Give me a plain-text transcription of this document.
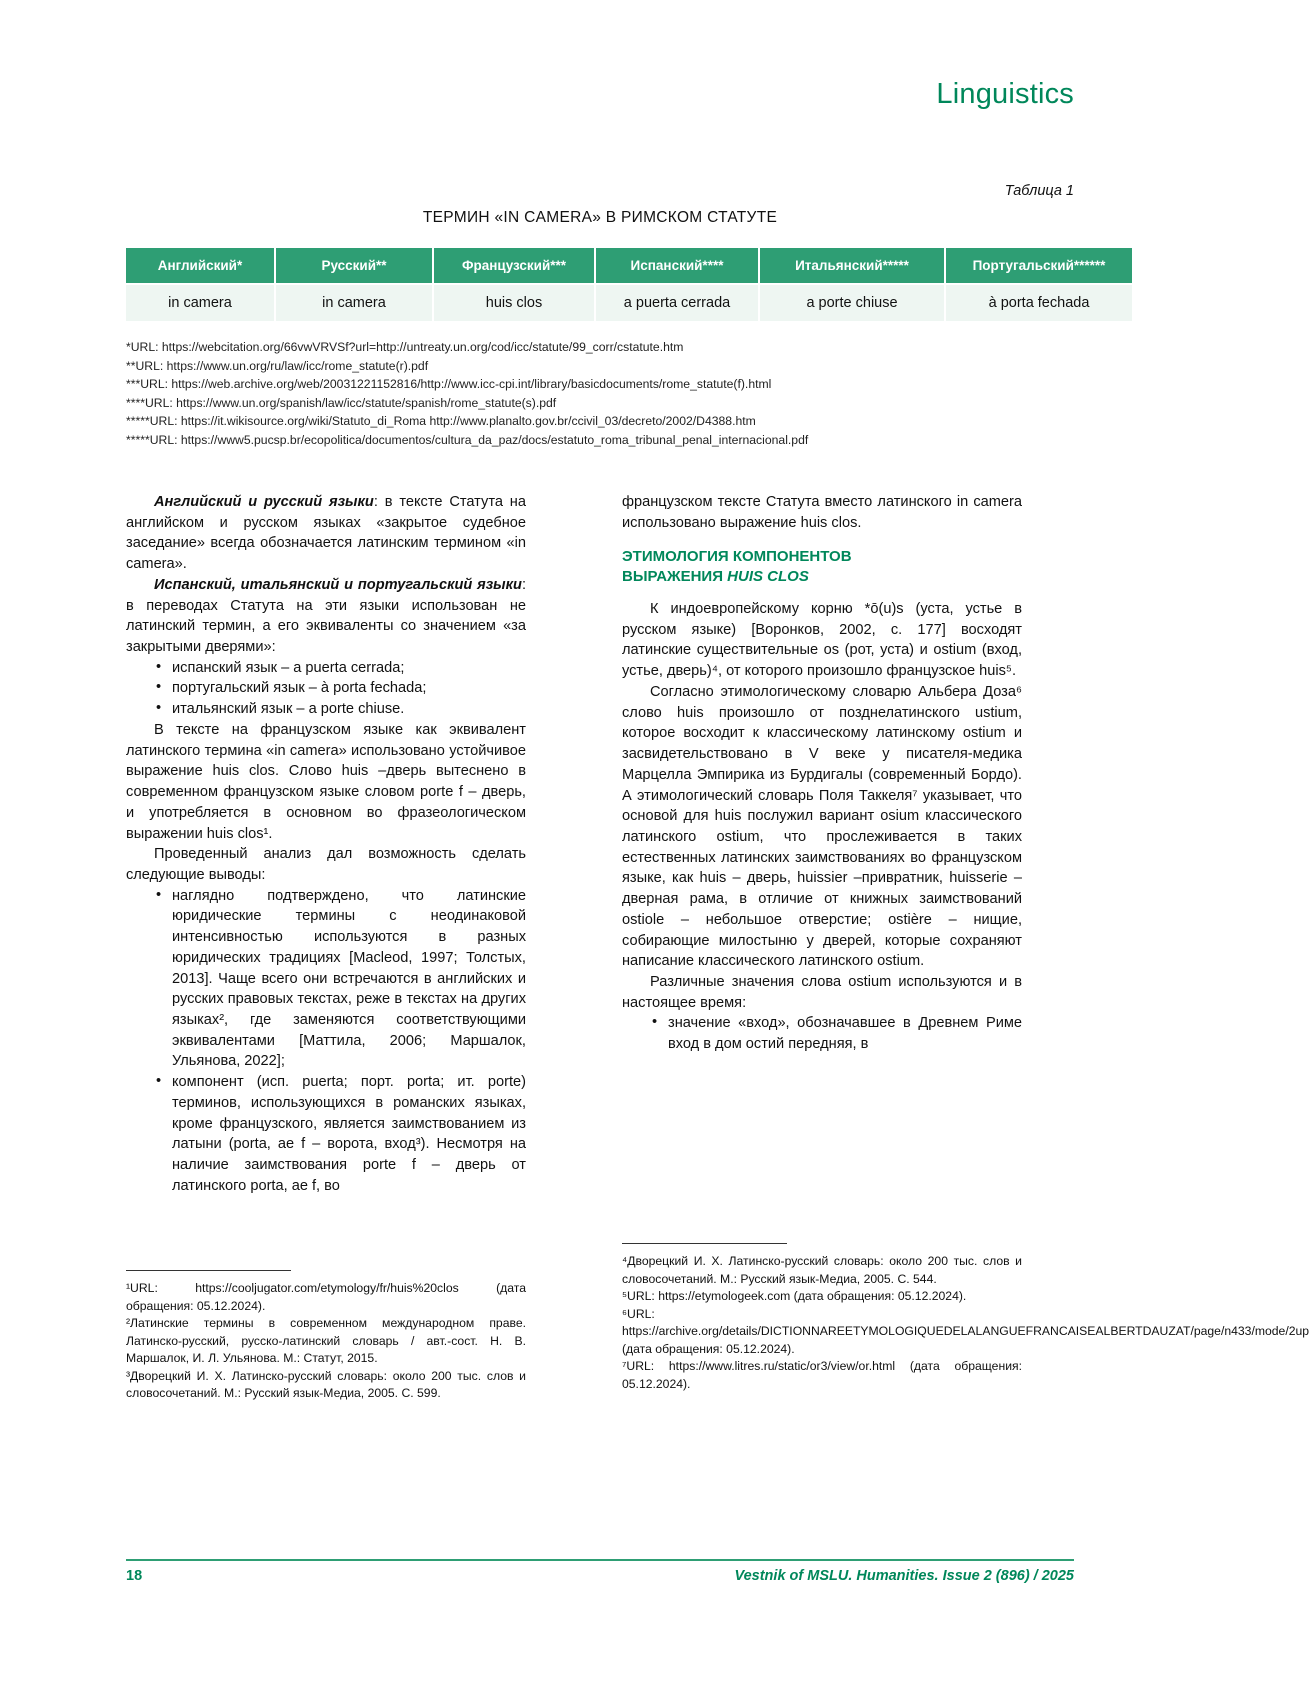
Linguistics
Таблица 1
ТЕРМИН «IN CAMERA» В РИМСКОМ СТАТУТЕ
Английский*	Русский**	Французский***	Испанский****	Итальянский*****	Португальский******
in camera	in camera	huis clos	a puerta cerrada	a porte chiuse	à porta fechada
*URL: https://webcitation.org/66vwVRVSf?url=http://untreaty.un.org/cod/icc/statute/99_corr/cstatute.htm
**URL: https://www.un.org/ru/law/icc/rome_statute(r).pdf
***URL: https://web.archive.org/web/20031221152816/http://www.icc-cpi.int/library/basicdocuments/rome_statute(f).html
****URL: https://www.un.org/spanish/law/icc/statute/spanish/rome_statute(s).pdf
*****URL: https://it.wikisource.org/wiki/Statuto_di_Roma http://www.planalto.gov.br/ccivil_03/decreto/2002/D4388.htm
*****URL: https://www5.pucsp.br/ecopolitica/documentos/cultura_da_paz/docs/estatuto_roma_tribunal_penal_internacional.pdf

Английский и русский языки: в тексте Статута на английском и русском языках «закрытое судебное заседание» всегда обозначается латинским термином «in camera».

Испанский, итальянский и португальский языки: в переводах Статута на эти языки использован не латинский термин, а его эквиваленты со значением «за закрытыми дверями»:

• испанский язык – a puerta cerrada;
• португальский язык – à porta fechada;
• итальянский язык – a porte chiuse.

В тексте на французском языке как эквивалент латинского термина «in camera» использовано устойчивое выражение huis clos. Слово huis –дверь вытеснено в современном французском языке словом porte f – дверь, и употребляется в основном во фразеологическом выражении huis clos¹.

Проведенный анализ дал возможность сделать следующие выводы:

• наглядно подтверждено, что латинские юридические термины с неодинаковой интенсивностью используются в разных юридических традициях [Macleod, 1997; Толстых, 2013]. Чаще всего они встречаются в английских и русских правовых текстах, реже в текстах на других языках², где заменяются соответствующими эквивалентами [Маттила, 2006; Маршалок, Ульянова, 2022];
• компонент (исп. puerta; порт. porta; ит. porte) терминов, использующихся в романских языках, кроме французского, является заимствованием из латыни (porta, ae f – ворота, вход³). Несмотря на наличие заимствования porte f – дверь от латинского porta, ae f, во

французском тексте Статута вместо латинского in camera использовано выражение huis clos.

ЭТИМОЛОГИЯ КОМПОНЕНТОВ
ВЫРАЖЕНИЯ HUIS CLOS

К индоевропейскому корню *ō(u)s (уста, устье в русском языке) [Воронков, 2002, с. 177] восходят латинские существительные os (рот, уста) и ostium (вход, устье, дверь)⁴, от которого произошло французское huis⁵.

Согласно этимологическому словарю Альбера Доза⁶ слово huis произошло от позднелатинского ustium, которое восходит к классическому латинскому ostium и засвидетельствовано в V веке у писателя-медика Марцелла Эмпирика из Бурдигалы (современный Бордо). А этимологический словарь Поля Таккеля⁷ указывает, что основой для huis послужил вариант osium классического латинского ostium, что прослеживается в таких естественных латинских заимствованиях во французском языке, как huis – дверь, huissier –привратник, huisserie – дверная рама, в отличие от книжных заимствований ostiole – небольшое отверстие; ostière – нищие, собирающие милостыню у дверей, которые сохраняют написание классического латинского ostium.

Различные значения слова ostium используются и в настоящее время:

• значение «вход», обозначавшее в Древнем Риме вход в дом остий передняя, в

¹URL: https://cooljugator.com/etymology/fr/huis%20clos (дата обращения: 05.12.2024).

²Латинские термины в современном международном праве. Латинско-русский, русско-латинский словарь / авт.-сост. Н. В. Маршалок, И. Л. Ульянова. М.: Статут, 2015.

³Дворецкий И. Х. Латинско-русский словарь: около 200 тыс. слов и словосочетаний. М.: Русский язык-Медиа, 2005. С. 599.

⁴Дворецкий И. Х. Латинско-русский словарь: около 200 тыс. слов и словосочетаний. М.: Русский язык-Медиа, 2005. С. 544.

⁵URL: https://etymologeek.com (дата обращения: 05.12.2024).

⁶URL: https://archive.org/details/DICTIONNAREETYMOLOGIQUEDELALANGUEFRANCAISEALBERTDAUZAT/page/n433/mode/2up (дата обращения: 05.12.2024).

⁷URL: https://www.litres.ru/static/or3/view/or.html (дата обращения: 05.12.2024).

18	Vestnik of MSLU. Humanities. Issue 2 (896) / 2025
